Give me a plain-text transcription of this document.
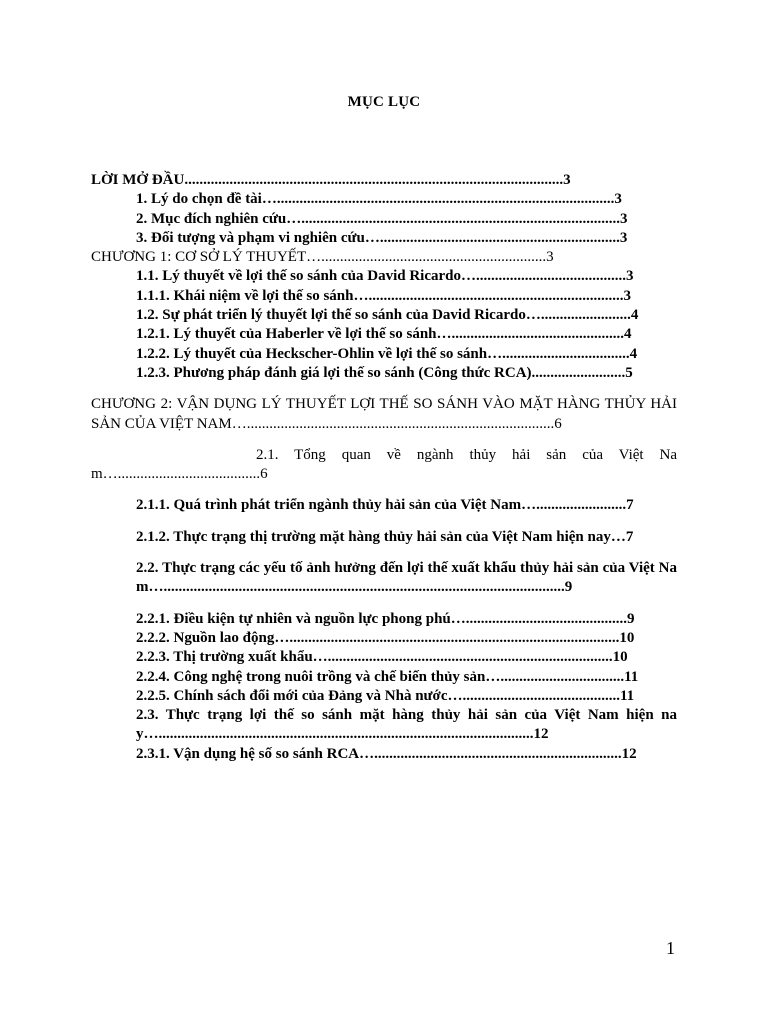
MỤC LỤC
LỜI MỞ ĐẦU.....................................................................................................3
1. Lý do chọn đề tài…..........................................................................................3
2. Mục đích nghiên cứu….....................................................................................3
3. Đối tượng và phạm vi nghiên cứu…................................................................3
CHƯƠNG 1: CƠ SỞ LÝ THUYẾT…............................................................3
1.1. Lý thuyết về lợi thế so sánh của David Ricardo…........................................3
1.1.1. Khái niệm về lợi thế so sánh…....................................................................3
1.2. Sự phát triển lý thuyết lợi thế so sánh của David Ricardo…........................4
1.2.1. Lý thuyết của Haberler về lợi thế so sánh…..............................................4
1.2.2. Lý thuyết của Heckscher-Ohlin về lợi thế so sánh…..................................4
1.2.3. Phương pháp đánh giá lợi thế so sánh (Công thức RCA).........................5
CHƯƠNG 2: VẬN DỤNG LÝ THUYẾT LỢI THẾ SO SÁNH VÀO MẶT HÀNG THỦY HẢI SẢN CỦA VIỆT NAM…..................................................................................6
2.1. Tổng quan về ngành thủy hải sản của Việt Nam…......................................6
2.1.1. Quá trình phát triển ngành thủy hải sản của Việt Nam…........................7
2.1.2. Thực trạng thị trường mặt hàng thủy hải sản của Việt Nam hiện nay…7
2.2. Thực trạng các yếu tố ảnh hưởng đến lợi thế xuất khẩu thủy hải sản của Việt Nam…...........................................................................................................9
2.2.1. Điều kiện tự nhiên và nguồn lực phong phú…...........................................9
2.2.2. Nguồn lao động…........................................................................................10
2.2.3. Thị trường xuất khẩu…............................................................................10
2.2.4. Công nghệ trong nuôi trồng và chế biến thủy sản….................................11
2.2.5. Chính sách đổi mới của Đảng và Nhà nước…..........................................11
2.3. Thực trạng lợi thế so sánh mặt hàng thủy hải sản của Việt Nam hiện nay…....................................................................................................12
2.3.1. Vận dụng hệ số so sánh RCA…..................................................................12
1
